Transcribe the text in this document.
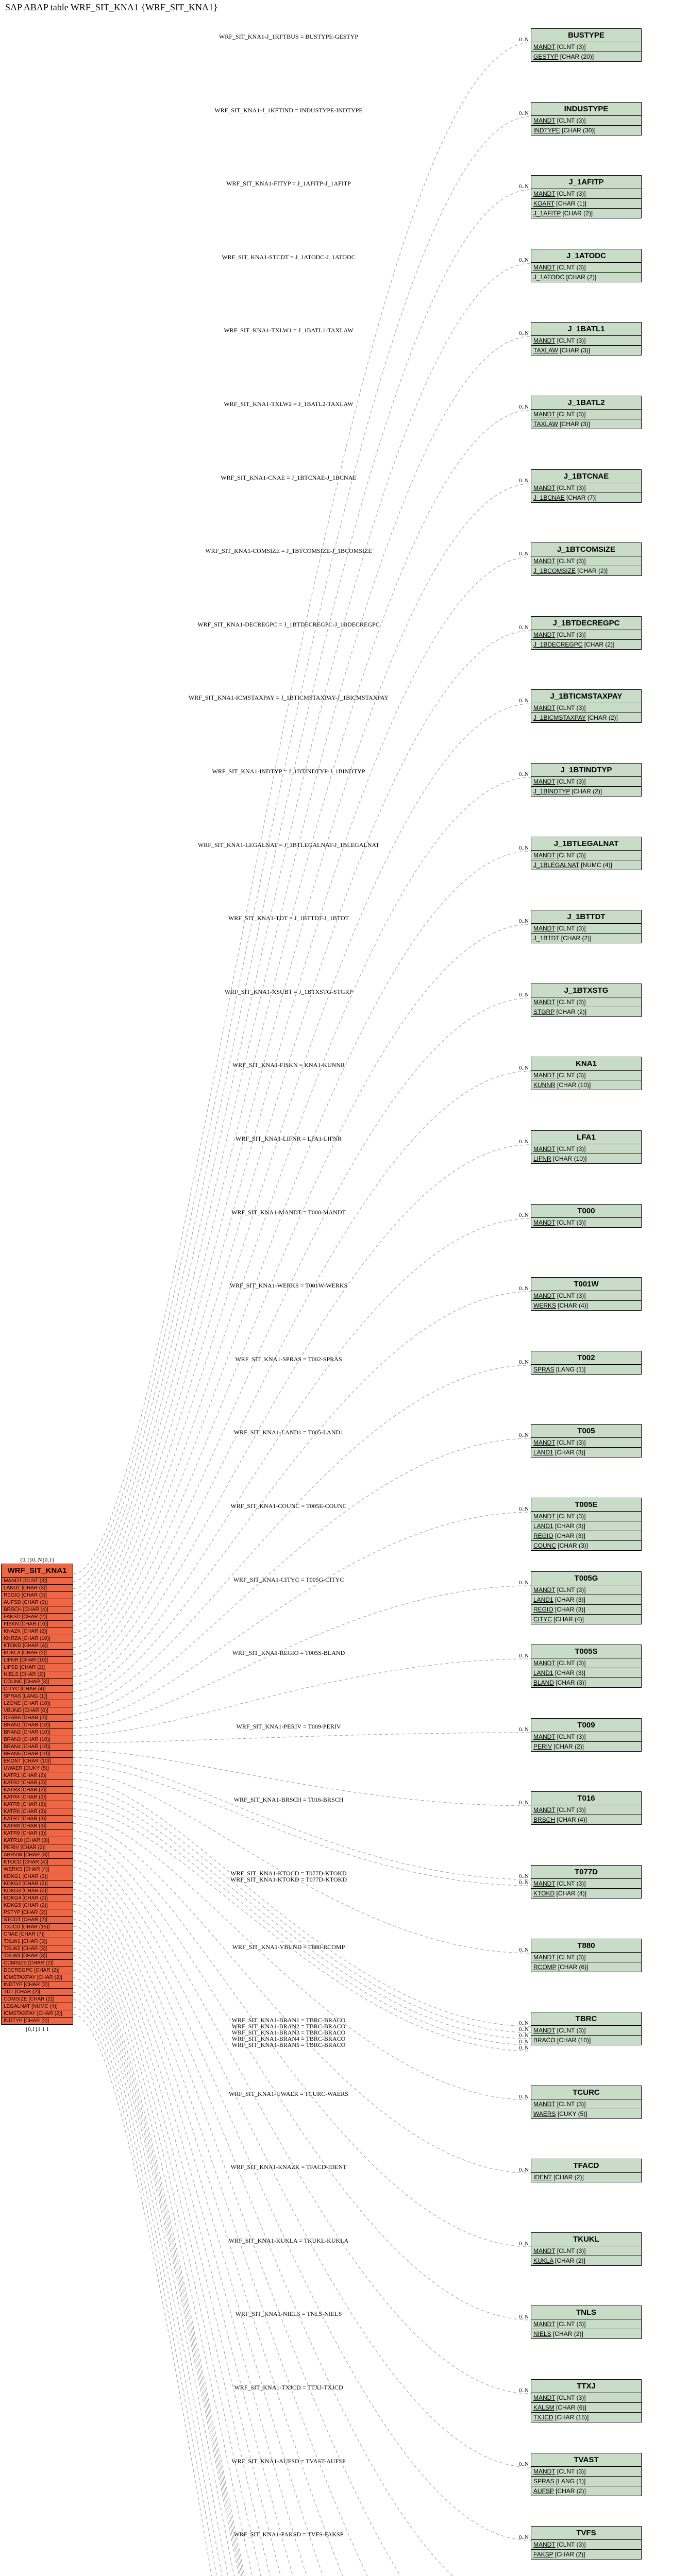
SAP ABAP table WRF_SIT_KNA1 {WRF_SIT_KNA1}
{0,1}0..N{0,1}
WRF_SIT_KNA1-J_1KFTBUS = BUSTYPE-GESTYP	0..N
WRF_SIT_KNA1-J_1KFTIND = INDUSTYPE-INDTYPE	0..N
WRF_SIT_KNA1-FITYP = J_1AFITP-J_1AFITP	0..N
WRF_SIT_KNA1-STCDT = J_1ATODC-J_1ATODC	0..N
WRF_SIT_KNA1-TXLW1 = J_1BATL1-TAXLAW	0..N
WRF_SIT_KNA1-TXLW2 = J_1BATL2-TAXLAW	0..N
WRF_SIT_KNA1-CNAE = J_1BTCNAE-J_1BCNAE	0..N
WRF_SIT_KNA1-COMSIZE = J_1BTCOMSIZE-J_1BCOMSIZE	0..N
WRF_SIT_KNA1-DECREGPC = J_1BTDECREGPC-J_1BDECREGPC	0..N
WRF_SIT_KNA1-ICMSTAXPAY = J_1BTICMSTAXPAY-J_1BICMSTAXPAY	0..N
WRF_SIT_KNA1-INDTYP = J_1BTINDTYP-J_1BINDTYP	0..N
WRF_SIT_KNA1-LEGALNAT = J_1BTLEGALNAT-J_1BLEGALNAT	0..N
WRF_SIT_KNA1-TDT = J_1BTTDT-J_1BTDT	0..N
WRF_SIT_KNA1-XSUBT = J_1BTXSTG-STGRP	0..N
WRF_SIT_KNA1-FISKN = KNA1-KUNNR	0..N
WRF_SIT_KNA1-LIFNR = LFA1-LIFNR	0..N
WRF_SIT_KNA1-MANDT = T000-MANDT	0..N
WRF_SIT_KNA1-WERKS = T001W-WERKS	0..N
WRF_SIT_KNA1-SPRAS = T002-SPRAS	0..N
WRF_SIT_KNA1-LAND1 = T005-LAND1	0..N
WRF_SIT_KNA1-COUNC = T005E-COUNC	0..N
WRF_SIT_KNA1-CITYC = T005G-CITYC	0..N
WRF_SIT_KNA1-REGIO = T005S-BLAND	0..N
WRF_SIT_KNA1-PERIV = T009-PERIV	0..N
WRF_SIT_KNA1-BRSCH = T016-BRSCH	0..N
WRF_SIT_KNA1-KTOCD = T077D-KTOKD	0..N
WRF_SIT_KNA1-KTOKD = T077D-KTOKD	0..N
WRF_SIT_KNA1-VBUND = T880-RCOMP	0..N
WRF_SIT_KNA1-BRAN1 = TBRC-BRACO	0..N
WRF_SIT_KNA1-BRAN2 = TBRC-BRACO	0..N
WRF_SIT_KNA1-BRAN3 = TBRC-BRACO	0..N
WRF_SIT_KNA1-BRAN4 = TBRC-BRACO	0..N
WRF_SIT_KNA1-BRAN5 = TBRC-BRACO	0..N
WRF_SIT_KNA1-UWAER = TCURC-WAERS	0..N
WRF_SIT_KNA1-KNAZK = TFACD-IDENT	0..N
WRF_SIT_KNA1-KUKLA = TKUKL-KUKLA	0..N
WRF_SIT_KNA1-NIELS = TNLS-NIELS	0..N
WRF_SIT_KNA1-TXJCD = TTXJ-TXJCD	0..N
WRF_SIT_KNA1-AUFSD = TVAST-AUFSP	0..N
WRF_SIT_KNA1-FAKSD = TVFS-FAKSP	0..N
{0,1}1 1 1
WRF_SIT_KNA1
MANDT [CLNT (3)]
LAND1 [CHAR (3)]
REGIO [CHAR (3)]
AUFSD [CHAR (2)]
BRSCH [CHAR (4)]
FAKSD [CHAR (2)]
FISKN [CHAR (10)]
KNAZK [CHAR (2)]
KNRZA [CHAR (10)]
KTOKD [CHAR (4)]
KUKLA [CHAR (2)]
LIFNR [CHAR (10)]
LIFSD [CHAR (2)]
NIELS [CHAR (2)]
COUNC [CHAR (3)]
CITYC [CHAR (4)]
SPRAS [LANG (1)]
LZONE [CHAR (10)]
VBUND [CHAR (6)]
DEAR6 [CHAR (2)]
BRAN1 [CHAR (10)]
BRAN2 [CHAR (10)]
BRAN3 [CHAR (10)]
BRAN4 [CHAR (10)]
BRAN5 [CHAR (10)]
EKONT [CHAR (10)]
UWAER [CUKY (5)]
KATR1 [CHAR (2)]
KATR2 [CHAR (2)]
KATR3 [CHAR (2)]
KATR4 [CHAR (2)]
KATR5 [CHAR (2)]
KATR6 [CHAR (3)]
KATR7 [CHAR (3)]
KATR8 [CHAR (3)]
KATR9 [CHAR (3)]
KATR10 [CHAR (3)]
PERIV [CHAR (2)]
ABRVW [CHAR (3)]
KTOCD [CHAR (4)]
WERKS [CHAR (4)]
KDKG1 [CHAR (2)]
KDKG2 [CHAR (2)]
KDKG3 [CHAR (2)]
KDKG4 [CHAR (2)]
KDKG5 [CHAR (2)]
PSTYP [CHAR (2)]
STCDT [CHAR (2)]
TXJCD [CHAR (15)]
CNAE [CHAR (7)]
TXLW1 [CHAR (3)]
TXLW2 [CHAR (3)]
TXLW3 [CHAR (3)]
CCMSIZE [CHAR (2)]
DECREGPC [CHAR (2)]
ICMSTAXPAY [CHAR (2)]
INDTYP [CHAR (2)]
TDT [CHAR (2)]
COMSIZE [CHAR (2)]
LEGALNAT [NUMC (4)]
ICMSTAXPAY [CHAR (2)]
INDTYP [CHAR (2)]
BUSTYPE
MANDT [CLNT (3)]
GESTYP [CHAR (20)]
INDUSTYPE
MANDT [CLNT (3)]
INDTYPE [CHAR (30)]
J_1AFITP
MANDT [CLNT (3)]
KOART [CHAR (1)]
J_1AFITP [CHAR (2)]
J_1ATODC
MANDT [CLNT (3)]
J_1ATODC [CHAR (2)]
J_1BATL1
MANDT [CLNT (3)]
TAXLAW [CHAR (3)]
J_1BATL2
MANDT [CLNT (3)]
TAXLAW [CHAR (3)]
J_1BTCNAE
MANDT [CLNT (3)]
J_1BCNAE [CHAR (7)]
J_1BTCOMSIZE
MANDT [CLNT (3)]
J_1BCOMSIZE [CHAR (2)]
J_1BTDECREGPC
MANDT [CLNT (3)]
J_1BDECREGPC [CHAR (2)]
J_1BTICMSTAXPAY
MANDT [CLNT (3)]
J_1BICMSTAXPAY [CHAR (2)]
J_1BTINDTYP
MANDT [CLNT (3)]
J_1BINDTYP [CHAR (2)]
J_1BTLEGALNAT
MANDT [CLNT (3)]
J_1BLEGALNAT [NUMC (4)]
J_1BTTDT
MANDT [CLNT (3)]
J_1BTDT [CHAR (2)]
J_1BTXSTG
MANDT [CLNT (3)]
STGRP [CHAR (2)]
KNA1
MANDT [CLNT (3)]
KUNNR [CHAR (10)]
LFA1
MANDT [CLNT (3)]
LIFNR [CHAR (10)]
T000
MANDT [CLNT (3)]
T001W
MANDT [CLNT (3)]
WERKS [CHAR (4)]
T002
SPRAS [LANG (1)]
T005
MANDT [CLNT (3)]
LAND1 [CHAR (3)]
T005E
MANDT [CLNT (3)]
LAND1 [CHAR (3)]
REGIO [CHAR (3)]
COUNC [CHAR (3)]
T005G
MANDT [CLNT (3)]
LAND1 [CHAR (3)]
REGIO [CHAR (3)]
CITYC [CHAR (4)]
T005S
MANDT [CLNT (3)]
LAND1 [CHAR (3)]
BLAND [CHAR (3)]
T009
MANDT [CLNT (3)]
PERIV [CHAR (2)]
T016
MANDT [CLNT (3)]
BRSCH [CHAR (4)]
T077D
MANDT [CLNT (3)]
KTOKD [CHAR (4)]
T880
MANDT [CLNT (3)]
RCOMP [CHAR (6)]
TBRC
MANDT [CLNT (3)]
BRACO [CHAR (10)]
TCURC
MANDT [CLNT (3)]
WAERS [CUKY (5)]
TFACD
IDENT [CHAR (2)]
TKUKL
MANDT [CLNT (3)]
KUKLA [CHAR (2)]
TNLS
MANDT [CLNT (3)]
NIELS [CHAR (2)]
TTXJ
MANDT [CLNT (3)]
KALSM [CHAR (6)]
TXJCD [CHAR (15)]
TVAST
MANDT [CLNT (3)]
SPRAS [LANG (1)]
AUFSP [CHAR (2)]
TVFS
MANDT [CLNT (3)]
FAKSP [CHAR (2)]
